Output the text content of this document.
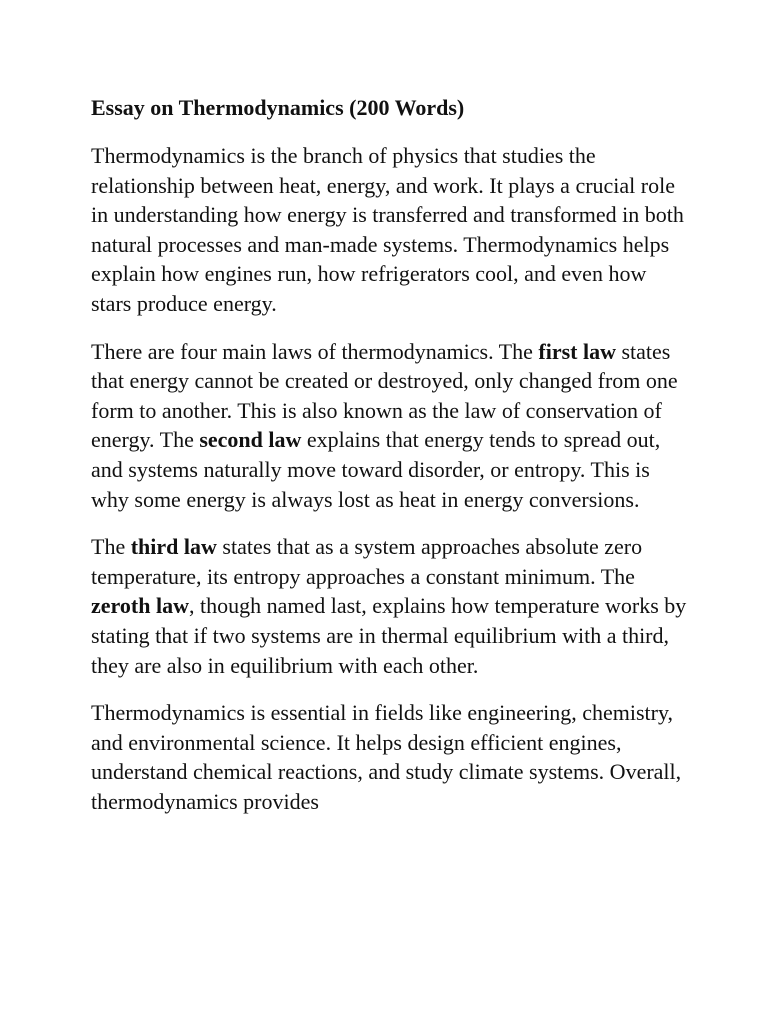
Essay on Thermodynamics (200 Words)

Thermodynamics is the branch of physics that studies the relationship between heat, energy, and work. It plays a crucial role in understanding how energy is transferred and transformed in both natural processes and man-made systems. Thermodynamics helps explain how engines run, how refrigerators cool, and even how stars produce energy.

There are four main laws of thermodynamics. The first law states that energy cannot be created or destroyed, only changed from one form to another. This is also known as the law of conservation of energy. The second law explains that energy tends to spread out, and systems naturally move toward disorder, or entropy. This is why some energy is always lost as heat in energy conversions.

The third law states that as a system approaches absolute zero temperature, its entropy approaches a constant minimum. The zeroth law, though named last, explains how temperature works by stating that if two systems are in thermal equilibrium with a third, they are also in equilibrium with each other.

Thermodynamics is essential in fields like engineering, chemistry, and environmental science. It helps design efficient engines, understand chemical reactions, and study climate systems. Overall, thermodynamics provides
